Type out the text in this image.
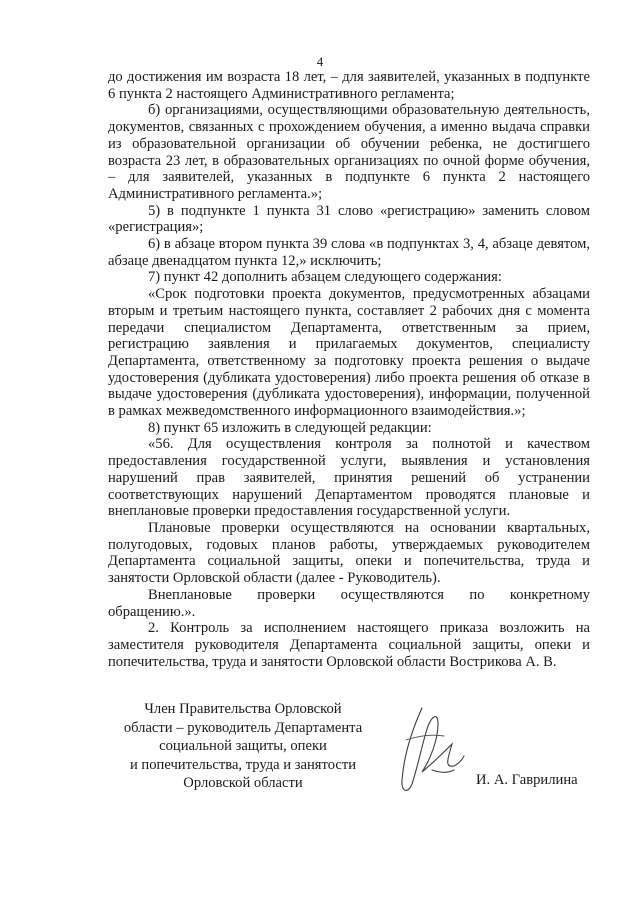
4

до достижения им возраста 18 лет, – для заявителей, указанных в подпункте 6 пункта 2 настоящего Административного регламента;

б) организациями, осуществляющими образовательную деятельность, документов, связанных с прохождением обучения, а именно выдача справки из образовательной организации об обучении ребенка, не достигшего возраста 23 лет, в образовательных организациях по очной форме обучения, – для заявителей, указанных в подпункте 6 пункта 2 настоящего Административного регламента.»;

5) в подпункте 1 пункта 31 слово «регистрацию» заменить словом «регистрация»;

6) в абзаце втором пункта 39 слова «в подпунктах 3, 4, абзаце девятом, абзаце двенадцатом пункта 12,» исключить;

7) пункт 42 дополнить абзацем следующего содержания:

«Срок подготовки проекта документов, предусмотренных абзацами вторым и третьим настоящего пункта, составляет 2 рабочих дня с момента передачи специалистом Департамента, ответственным за прием, регистрацию заявления и прилагаемых документов, специалисту Департамента, ответственному за подготовку проекта решения о выдаче удостоверения (дубликата удостоверения) либо проекта решения об отказе в выдаче удостоверения (дубликата удостоверения), информации, полученной в рамках межведомственного информационного взаимодействия.»;

8) пункт 65 изложить в следующей редакции:

«56. Для осуществления контроля за полнотой и качеством предоставления государственной услуги, выявления и установления нарушений прав заявителей, принятия решений об устранении соответствующих нарушений Департаментом проводятся плановые и внеплановые проверки предоставления государственной услуги.

Плановые проверки осуществляются на основании квартальных, полугодовых, годовых планов работы, утверждаемых руководителем Департамента социальной защиты, опеки и попечительства, труда и занятости Орловской области (далее - Руководитель).

Внеплановые проверки осуществляются по конкретному обращению.».

2. Контроль за исполнением настоящего приказа возложить на заместителя руководителя Департамента социальной защиты, опеки и попечительства, труда и занятости Орловской области Вострикова А. В.

Член Правительства Орловской
области – руководитель Департамента
социальной защиты, опеки
и попечительства, труда и занятости
Орловской области	И. А. Гаврилина
